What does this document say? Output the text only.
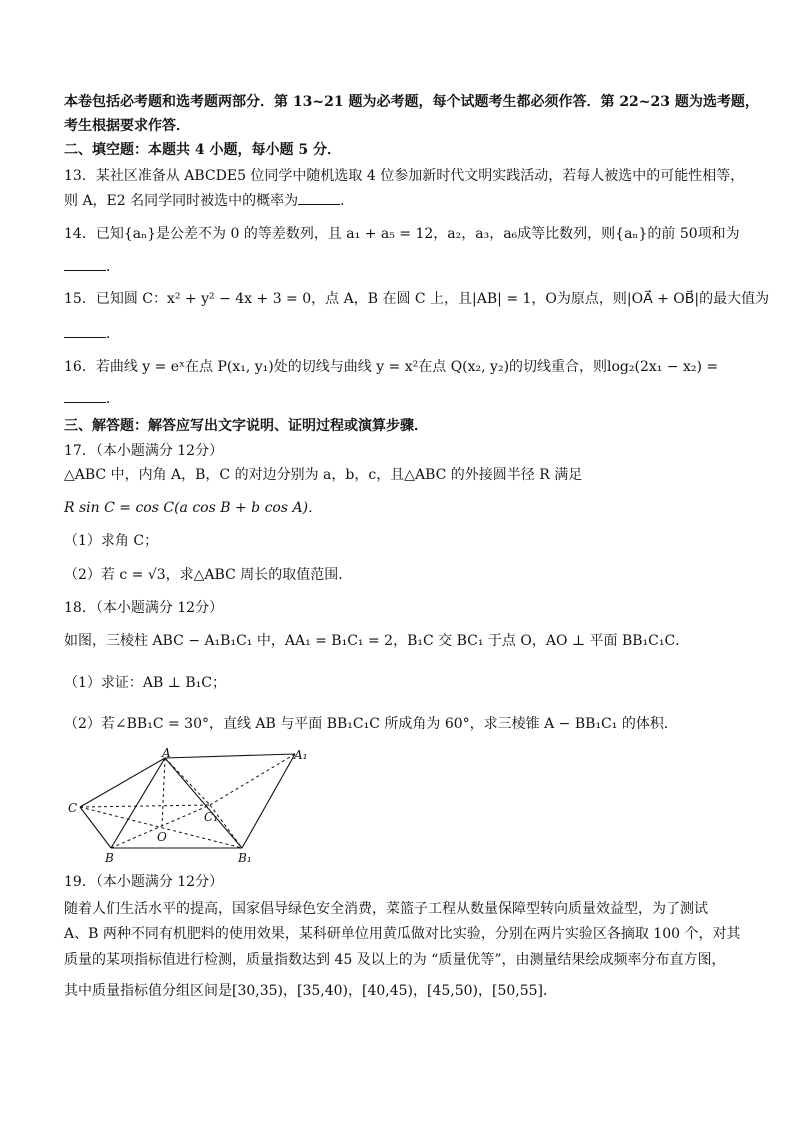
本卷包括必考题和选考题两部分．第 13~21 题为必考题，每个试题考生都必须作答．第 22~23 题为选考题，
考生根据要求作答．
二、填空题：本题共 4 小题，每小题 5 分．
13．某社区准备从 ABCDE5 位同学中随机选取 4 位参加新时代文明实践活动，若每人被选中的可能性相等，
则 A，E2 名同学同时被选中的概率为	．
14．已知{aₙ}是公差不为 0 的等差数列，且 a₁ + a₅ = 12，a₂，a₃，a₆成等比数列，则{aₙ}的前 50项和为
．
15．已知圆 C：x² + y² − 4x + 3 = 0，点 A，B 在圆 C 上，且|AB| = 1，O为原点，则|OA⃗ + OB⃗|的最大值为
．
16．若曲线 y = eˣ在点 P(x₁, y₁)处的切线与曲线 y = x²在点 Q(x₂, y₂)的切线重合，则log₂(2x₁ − x₂) =
．
三、解答题：解答应写出文字说明、证明过程或演算步骤．
17．（本小题满分 12分）
△ABC 中，内角 A，B，C 的对边分别为 a，b，c，且△ABC 的外接圆半径 R 满足
R sin C = cos C(a cos B + b cos A)．
（1）求角 C；
（2）若 c = √3，求△ABC 周长的取值范围．
18．（本小题满分 12分）
如图，三棱柱 ABC − A₁B₁C₁ 中，AA₁ = B₁C₁ = 2，B₁C 交 BC₁ 于点 O，AO ⊥ 平面 BB₁C₁C．
（1）求证：AB ⊥ B₁C；
（2）若∠BB₁C = 30°，直线 AB 与平面 BB₁C₁C 所成角为 60°，求三棱锥 A − BB₁C₁ 的体积．
A	A₁
C
C₁
O
B	B₁
19．（本小题满分 12分）
随着人们生活水平的提高，国家倡导绿色安全消费，菜篮子工程从数量保障型转向质量效益型，为了测试
A、B 两种不同有机肥料的使用效果，某科研单位用黄瓜做对比实验，分别在两片实验区各摘取 100 个，对其
质量的某项指标值进行检测，质量指数达到 45 及以上的为 “质量优等”，由测量结果绘成频率分布直方图，
其中质量指标值分组区间是[30,35)，[35,40)，[40,45)，[45,50)，[50,55]．
